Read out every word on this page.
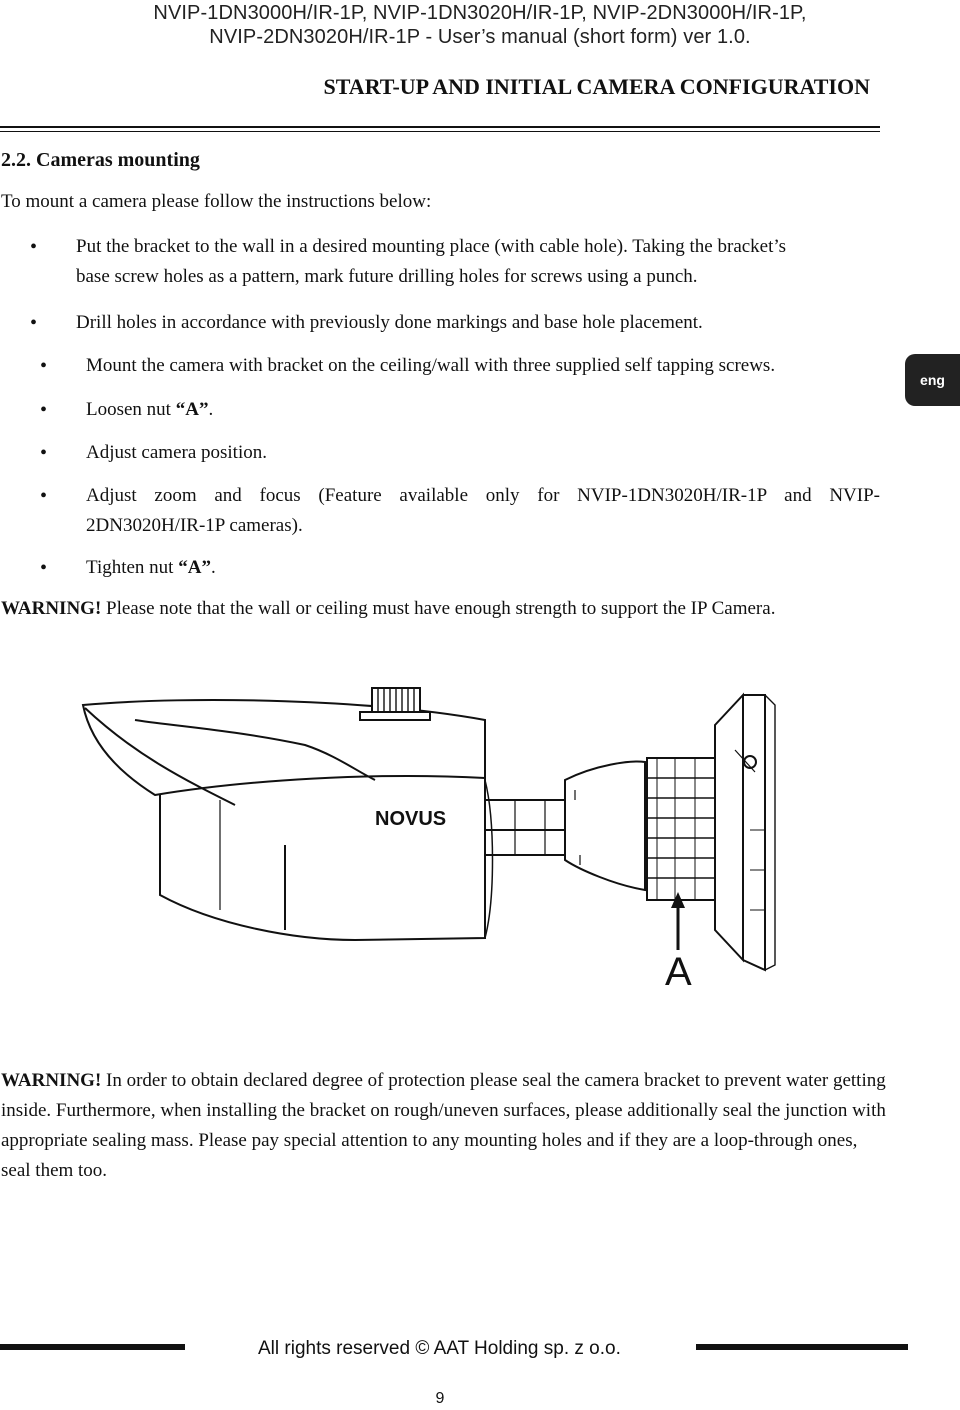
NVIP-1DN3000H/IR-1P, NVIP-1DN3020H/IR-1P, NVIP-2DN3000H/IR-1P,
NVIP-2DN3020H/IR-1P - User’s manual (short form) ver 1.0.
START-UP AND INITIAL CAMERA CONFIGURATION
eng
2.2. Cameras mounting
To mount a camera please follow the instructions below:
• Put the bracket to the wall in a desired mounting place (with cable hole). Taking the bracket’s
base screw holes as a pattern, mark future drilling holes for screws using a punch.
• Drill holes in accordance with previously done markings and base hole placement.
• Mount the camera with bracket on the ceiling/wall with three supplied self tapping screws.
• Loosen nut “A”.
• Adjust camera position.
• Adjust zoom and focus (Feature available only for NVIP-1DN3020H/IR-1P and NVIP-
2DN3020H/IR-1P cameras).
• Tighten nut “A”.
WARNING! Please note that the wall or ceiling must have enough strength to support the IP Camera.
NOVUS
A
WARNING! In order to obtain declared degree of protection please seal the camera bracket to prevent water getting inside. Furthermore, when installing the bracket on rough/uneven surfaces, please additionally seal the junction with appropriate sealing mass. Please pay special attention to any mounting holes and if they are a loop-through ones, seal them too.
All rights reserved © AAT Holding sp. z o.o.
9
